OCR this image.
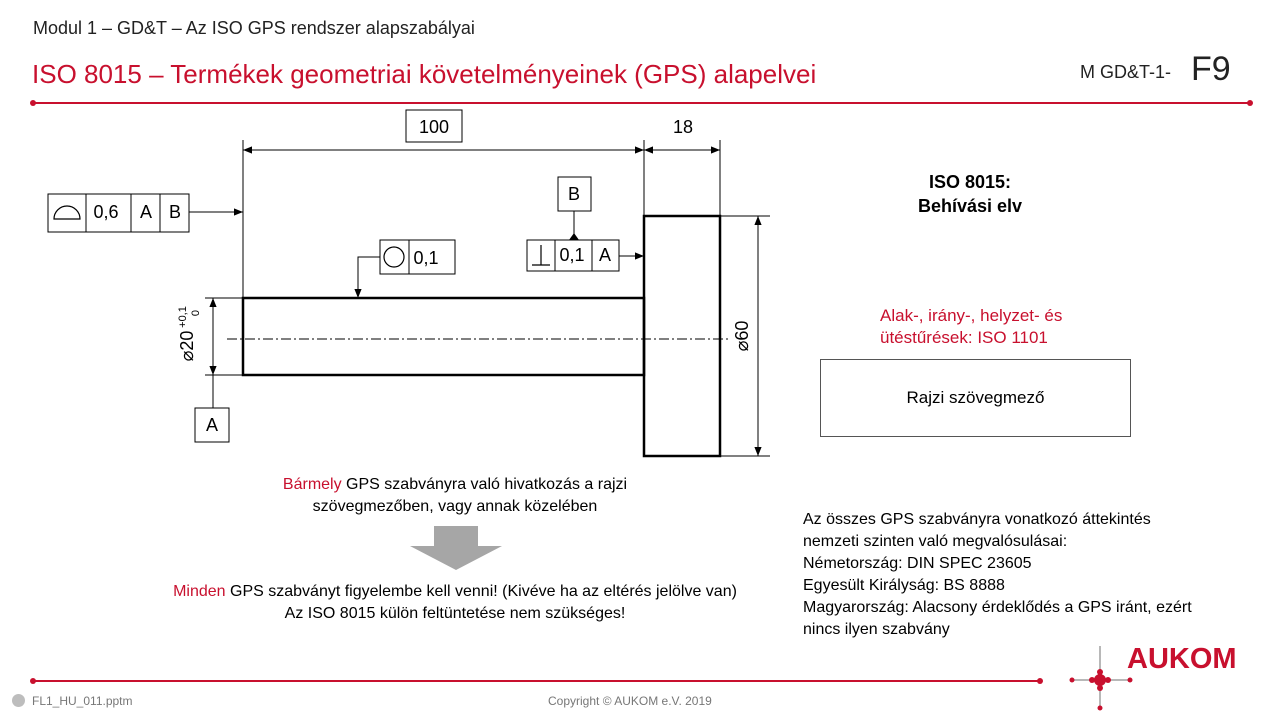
Modul 1 – GD&T – Az ISO GPS rendszer alapszabályai
ISO 8015 – Termékek geometriai követelményeinek (GPS) alapelvei	M GD&T-1- F9
100	18
⌀60
⌀20
+0,1 0
A
0,6 A B
0,1
B
0,1 A
ISO 8015:
Behívási elv
Alak-, irány-, helyzet- és
ütéstűrések: ISO 1101
Rajzi szövegmező
Bármely GPS szabványra való hivatkozás a rajzi
szövegmezőben, vagy annak közelében
Minden GPS szabványt figyelembe kell venni! (Kivéve ha az eltérés jelölve van)
Az ISO 8015 külön feltüntetése nem szükséges!
Az összes GPS szabványra vonatkozó áttekintés
nemzeti szinten való megvalósulásai:
Németország: DIN SPEC 23605
Egyesült Királyság: BS 8888
Magyarország: Alacsony érdeklődés a GPS iránt, ezért
nincs ilyen szabvány
AUKOM
FL1_HU_011.pptm	Copyright © AUKOM e.V. 2019
